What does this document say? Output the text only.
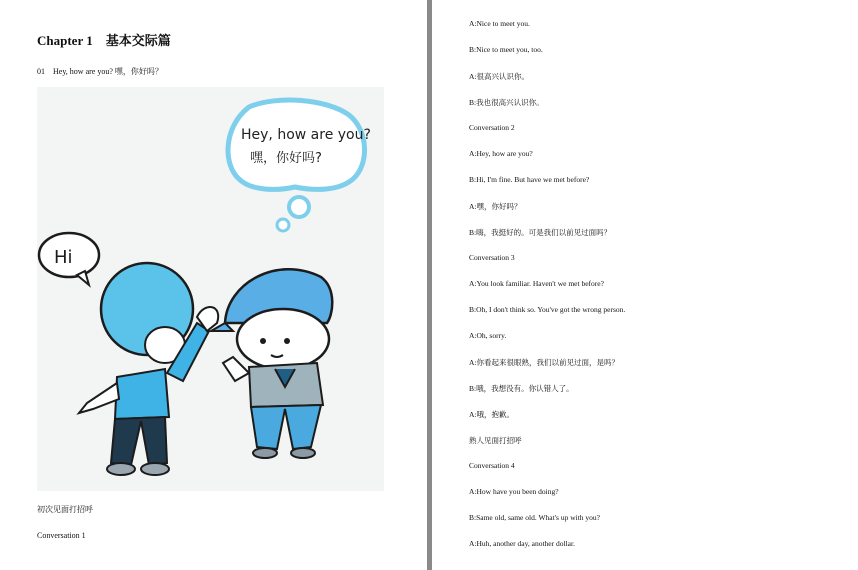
Chapter 1　基本交际篇
01　Hey, how are you? 嘿，你好吗？
Hey, how are you?
嘿，你好吗?
Hi
初次见面打招呼
Conversation 1
A:Nice to meet you.
B:Nice to meet you, too.
A:很高兴认识你。
B:我也很高兴认识你。
Conversation 2
A:Hey, how are you?
B:Hi, I'm fine. But have we met before?
A:嘿，你好吗？
B:嗨，我挺好的。可是我们以前见过面吗？
Conversation 3
A:You look familiar. Haven't we met before?
B:Oh, I don't think so. You've got the wrong person.
A:Oh, sorry.
A:你看起来很眼熟，我们以前见过面，是吗？
B:哦，我想没有。你认错人了。
A:哦，抱歉。
熟人见面打招呼
Conversation 4
A:How have you been doing?
B:Same old, same old. What's up with you?
A:Huh, another day, another dollar.
